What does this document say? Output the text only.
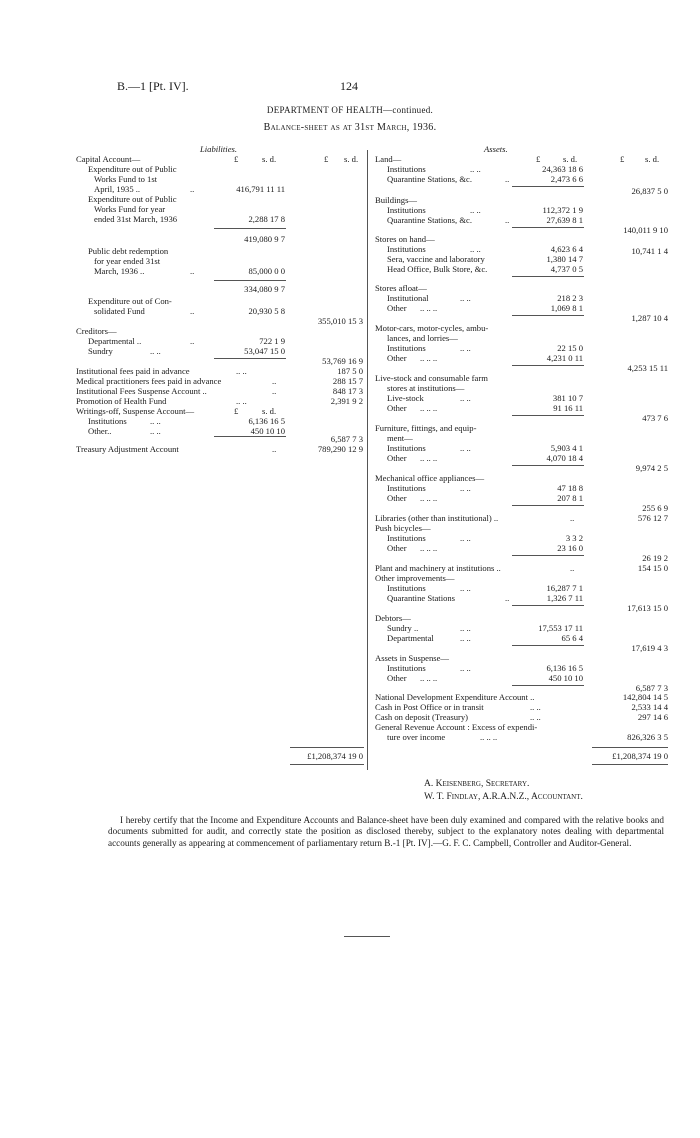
B.—1 [Pt. IV].	124
DEPARTMENT OF HEALTH—continued.
Balance-sheet as at 31st March, 1936.
Liabilities.
£	s. d.	£ s. d.
Capital Account—
Expenditure out of Public
Works Fund to 1st
April, 1935 ..	..	416,791 11 11
Expenditure out of Public
Works Fund for year
ended 31st March, 1936	2,288 17 8
419,080 9 7
Public debt redemption
for year ended 31st
March, 1936 ..	..	85,000 0 0
334,080 9 7
Expenditure out of Con-
solidated Fund	..	20,930 5 8
355,010 15 3
Creditors—
Departmental ..	..	722 1 9
Sundry	.. ..	53,047 15 0
53,769 16 9
Institutional fees paid in advance	.. ..	187 5 0
Medical practitioners fees paid in advance	..	288 15 7
Institutional Fees Suspense Account ..	..	848 17 3
Promotion of Health Fund	.. ..	2,391 9 2
Writings-off, Suspense Account—	£	s. d.
Institutions	.. ..	6,136 16 5
Other..	.. ..	450 10 10
6,587 7 3
Treasury Adjustment Account	..	789,290 12 9
£1,208,374 19 0
Assets.
£	s. d.	£ s. d.
Land—
Institutions	.. ..	24,363 18 6
Quarantine Stations, &c.	..	2,473 6 6
26,837 5 0
Buildings—
Institutions	.. ..	112,372 1 9
Quarantine Stations, &c.	..	27,639 8 1
140,011 9 10
Stores on hand—
Institutions	.. ..	4,623 6 4
Sera, vaccine and laboratory	1,380 14 7
Head Office, Bulk Store, &c.	4,737 0 5
10,741 1 4
Stores afloat—
Institutional	.. ..	218 2 3
Other .. .. ..	1,069 8 1
1,287 10 4
Motor-cars, motor-cycles, ambu-
lances, and lorries—
Institutions	.. ..	22 15 0
Other .. .. ..	4,231 0 11
4,253 15 11
Live-stock and consumable farm
stores at institutions—
Live-stock	.. ..	381 10 7
Other .. .. ..	91 16 11
473 7 6
Furniture, fittings, and equip-
ment—
Institutions	.. ..	5,903 4 1
Other .. .. ..	4,070 18 4
9,974 2 5
Mechanical office appliances—
Institutions	.. ..	47 18 8
Other .. .. ..	207 8 1
255 6 9
Libraries (other than institutional) ..	..	576 12 7
Push bicycles—
Institutions	.. ..	3 3 2
Other .. .. ..	23 16 0
26 19 2
Plant and machinery at institutions ..	..	154 15 0
Other improvements—
Institutions	.. ..	16,287 7 1
Quarantine Stations	..	1,326 7 11
17,613 15 0
Debtors—
Sundry ..	.. ..	17,553 17 11
Departmental	.. ..	65 6 4
17,619 4 3
Assets in Suspense—
Institutions	.. ..	6,136 16 5
Other .. .. ..	450 10 10
6,587 7 3
National Development Expenditure Account ..	142,804 14 5
Cash in Post Office or in transit	.. ..	2,533 14 4
Cash on deposit (Treasury)	.. ..	297 14 6
General Revenue Account : Excess of expendi-
ture over income	.. .. ..	826,326 3 5
£1,208,374 19 0
A. Keisenberg, Secretary.
W. T. Findlay, A.R.A.N.Z., Accountant.
I hereby certify that the Income and Expenditure Accounts and Balance-sheet have been duly examined and compared with the relative books and documents submitted for audit, and correctly state the position as disclosed thereby, subject to the explanatory notes dealing with departmental accounts generally as appearing at commencement of parliamentary return B.-1 [Pt. IV].—G. F. C. Campbell, Controller and Auditor-General.
